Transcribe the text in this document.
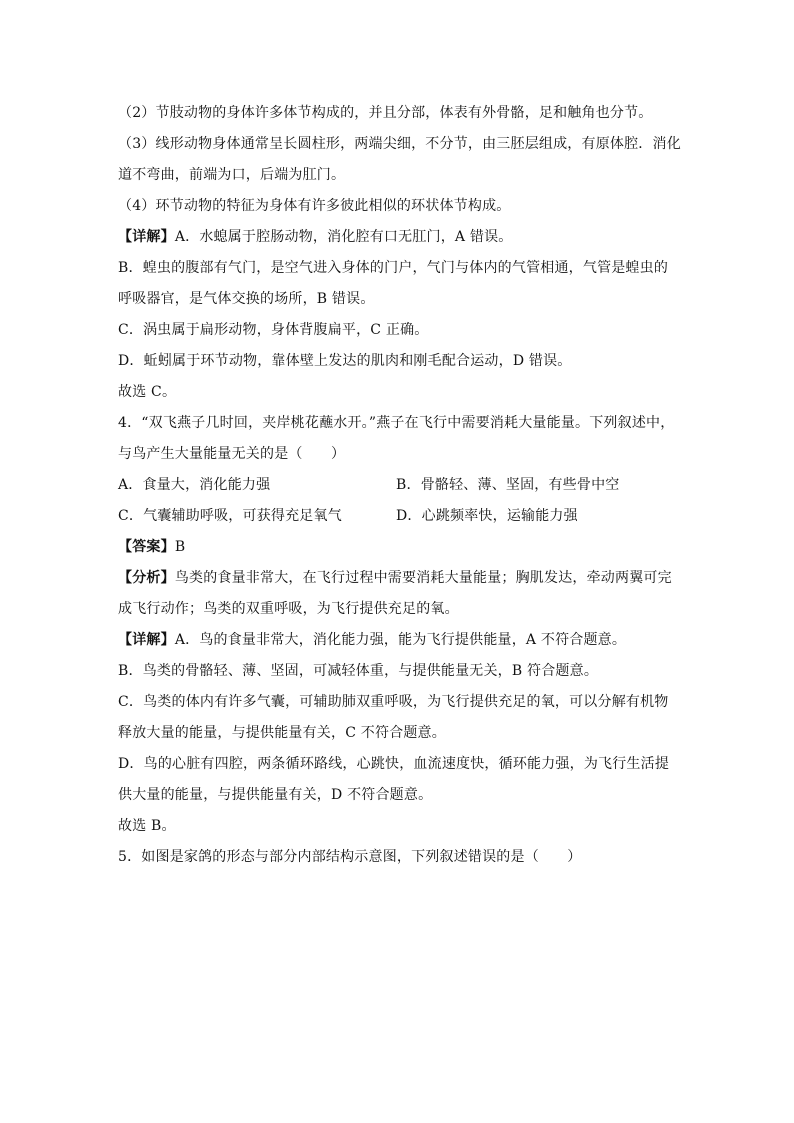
（2）节肢动物的身体许多体节构成的，并且分部，体表有外骨骼，足和触角也分节。
（3）线形动物身体通常呈长圆柱形，两端尖细，不分节，由三胚层组成，有原体腔．消化
道不弯曲，前端为口，后端为肛门。
（4）环节动物的特征为身体有许多彼此相似的环状体节构成。
【详解】A．水螅属于腔肠动物，消化腔有口无肛门，A 错误。
B．蝗虫的腹部有气门，是空气进入身体的门户，气门与体内的气管相通，气管是蝗虫的
呼吸器官，是气体交换的场所，B 错误。
C．涡虫属于扁形动物，身体背腹扁平，C 正确。
D．蚯蚓属于环节动物，靠体壁上发达的肌肉和刚毛配合运动，D 错误。
故选 C。
4．“双飞燕子几时回，夹岸桃花蘸水开。”燕子在飞行中需要消耗大量能量。下列叙述中，
与鸟产生大量能量无关的是（　　）
A．食量大，消化能力强	B．骨骼轻、薄、坚固，有些骨中空
C．气囊辅助呼吸，可获得充足氧气	D．心跳频率快，运输能力强
【答案】B
【分析】鸟类的食量非常大，在飞行过程中需要消耗大量能量；胸肌发达，牵动两翼可完
成飞行动作；鸟类的双重呼吸，为飞行提供充足的氧。
【详解】A．鸟的食量非常大，消化能力强，能为飞行提供能量，A 不符合题意。
B．鸟类的骨骼轻、薄、坚固，可减轻体重，与提供能量无关，B 符合题意。
C．鸟类的体内有许多气囊，可辅助肺双重呼吸，为飞行提供充足的氧，可以分解有机物
释放大量的能量，与提供能量有关，C 不符合题意。
D．鸟的心脏有四腔，两条循环路线，心跳快，血流速度快，循环能力强，为飞行生活提
供大量的能量，与提供能量有关，D 不符合题意。
故选 B。
5．如图是家鸽的形态与部分内部结构示意图，下列叙述错误的是（　　）
